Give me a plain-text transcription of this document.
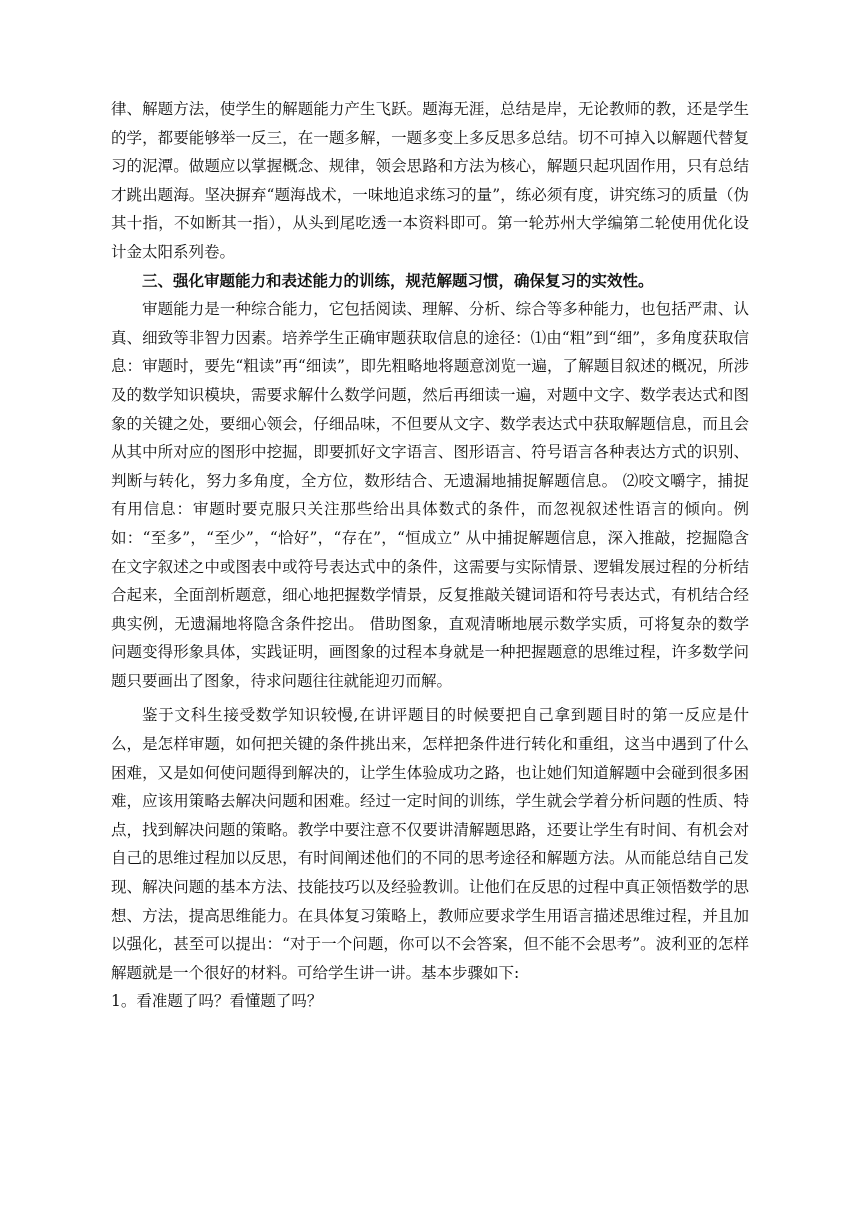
律、解题方法，使学生的解题能力产生飞跃。题海无涯，总结是岸，无论教师的教，还是学生的学，都要能够举一反三，在一题多解，一题多变上多反思多总结。切不可掉入以解题代替复习的泥潭。做题应以掌握概念、规律，领会思路和方法为核心，解题只起巩固作用，只有总结才跳出题海。坚决摒弃“题海战术，一味地追求练习的量”，练必须有度，讲究练习的质量（伪其十指，不如断其一指），从头到尾吃透一本资料即可。第一轮苏州大学编第二轮使用优化设计金太阳系列卷。

三、强化审题能力和表述能力的训练，规范解题习惯，确保复习的实效性。

审题能力是一种综合能力，它包括阅读、理解、分析、综合等多种能力，也包括严肃、认真、细致等非智力因素。培养学生正确审题获取信息的途径：⑴由“粗”到“细”，多角度获取信息：审题时，要先“粗读”再“细读”，即先粗略地将题意浏览一遍，了解题目叙述的概况，所涉及的数学知识模块，需要求解什么数学问题，然后再细读一遍，对题中文字、数学表达式和图象的关键之处，要细心领会，仔细品味，不但要从文字、数学表达式中获取解题信息，而且会从其中所对应的图形中挖掘，即要抓好文字语言、图形语言、符号语言各种表达方式的识别、判断与转化，努力多角度，全方位，数形结合、无遗漏地捕捉解题信息。 ⑵咬文嚼字，捕捉有用信息：审题时要克服只关注那些给出具体数式的条件，而忽视叙述性语言的倾向。例如：“至多”，“至少”，“恰好”，“存在”，“恒成立” 从中捕捉解题信息，深入推敲，挖掘隐含在文字叙述之中或图表中或符号表达式中的条件，这需要与实际情景、逻辑发展过程的分析结合起来，全面剖析题意，细心地把握数学情景，反复推敲关键词语和符号表达式，有机结合经典实例，无遗漏地将隐含条件挖出。 借助图象，直观清晰地展示数学实质，可将复杂的数学问题变得形象具体，实践证明，画图象的过程本身就是一种把握题意的思维过程，许多数学问题只要画出了图象，待求问题往往就能迎刃而解。

鉴于文科生接受数学知识较慢,在讲评题目的时候要把自己拿到题目时的第一反应是什么，是怎样审题，如何把关键的条件挑出来，怎样把条件进行转化和重组，这当中遇到了什么困难，又是如何使问题得到解决的，让学生体验成功之路，也让她们知道解题中会碰到很多困难，应该用策略去解决问题和困难。经过一定时间的训练，学生就会学着分析问题的性质、特点，找到解决问题的策略。教学中要注意不仅要讲清解题思路，还要让学生有时间、有机会对自己的思维过程加以反思，有时间阐述他们的不同的思考途径和解题方法。从而能总结自己发现、解决问题的基本方法、技能技巧以及经验教训。让他们在反思的过程中真正领悟数学的思想、方法，提高思维能力。在具体复习策略上，教师应要求学生用语言描述思维过程，并且加以强化，甚至可以提出：“对于一个问题，你可以不会答案，但不能不会思考”。波利亚的怎样解题就是一个很好的材料。可给学生讲一讲。基本步骤如下:

1。看准题了吗？看懂题了吗？
